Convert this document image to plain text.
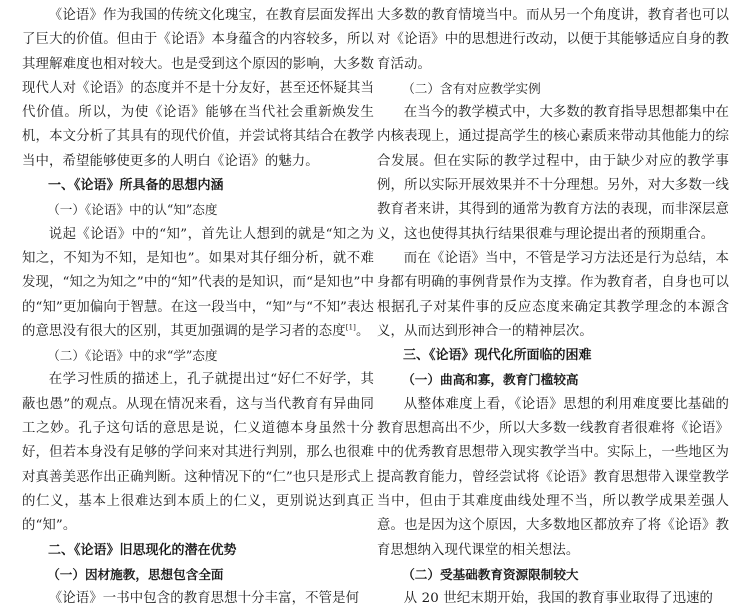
《论语》作为我国的传统文化瑰宝，在教育层面发挥出了巨大的价值。但由于《论语》本身蕴含的内容较多，所以其理解难度也相对较大。也是受到这个原因的影响，大多数现代人对《论语》的态度并不是十分友好，甚至还怀疑其当代价值。所以，为使《论语》能够在当代社会重新焕发生机，本文分析了其具有的现代价值，并尝试将其结合在教学当中，希望能够使更多的人明白《论语》的魅力。

一、《论语》所具备的思想内涵

（一）《论语》中的认“知”态度

说起《论语》中的“知”，首先让人想到的就是“知之为知之，不知为不知，是知也”。如果对其仔细分析，就不难发现，“知之为知之”中的“知”代表的是知识，而“是知也”中的“知”更加偏向于智慧。在这一段当中，“知”与“不知”表达的意思没有很大的区别，其更加强调的是学习者的态度[1]。

（二）《论语》中的求“学”态度

在学习性质的描述上，孔子就提出过“好仁不好学，其蔽也愚”的观点。从现在情况来看，这与当代教育有异曲同工之妙。孔子这句话的意思是说，仁义道德本身虽然十分好，但若本身没有足够的学问来对其进行判别，那么也很难对真善美恶作出正确判断。这种情况下的“仁”也只是形式上的仁义，基本上很难达到本质上的仁义，更别说达到真正的“知”。

二、《论语》旧思现化的潜在优势

（一）因材施教，思想包含全面

《论语》一书中包含的教育思想十分丰富，不管是何

大多数的教育情境当中。而从另一个角度讲，教育者也可以对《论语》中的思想进行改动，以便于其能够适应自身的教育活动。

（二）含有对应教学实例

在当今的教学模式中，大多数的教育指导思想都集中在内核表现上，通过提高学生的核心素质来带动其他能力的综合发展。但在实际的教学过程中，由于缺少对应的教学事例，所以实际开展效果并不十分理想。另外，对大多数一线教育者来讲，其得到的通常为教育方法的表现，而非深层意义，这也使得其执行结果很难与理论提出者的预期重合。

而在《论语》当中，不管是学习方法还是行为总结，本身都有明确的事例背景作为支撑。作为教育者，自身也可以根据孔子对某件事的反应态度来确定其教学理念的本源含义，从而达到形神合一的精神层次。

三、《论语》现代化所面临的困难

（一）曲高和寡，教育门槛较高

从整体难度上看，《论语》思想的利用难度要比基础的教育思想高出不少，所以大多数一线教育者很难将《论语》中的优秀教育思想带入现实教学当中。实际上，一些地区为提高教育能力，曾经尝试将《论语》教育思想带入课堂教学当中，但由于其难度曲线处理不当，所以教学成果差强人意。也是因为这个原因，大多数地区都放弃了将《论语》教育思想纳入现代课堂的相关想法。

（二）受基础教育资源限制较大

从 20 世纪末期开始，我国的教育事业取得了迅速的
